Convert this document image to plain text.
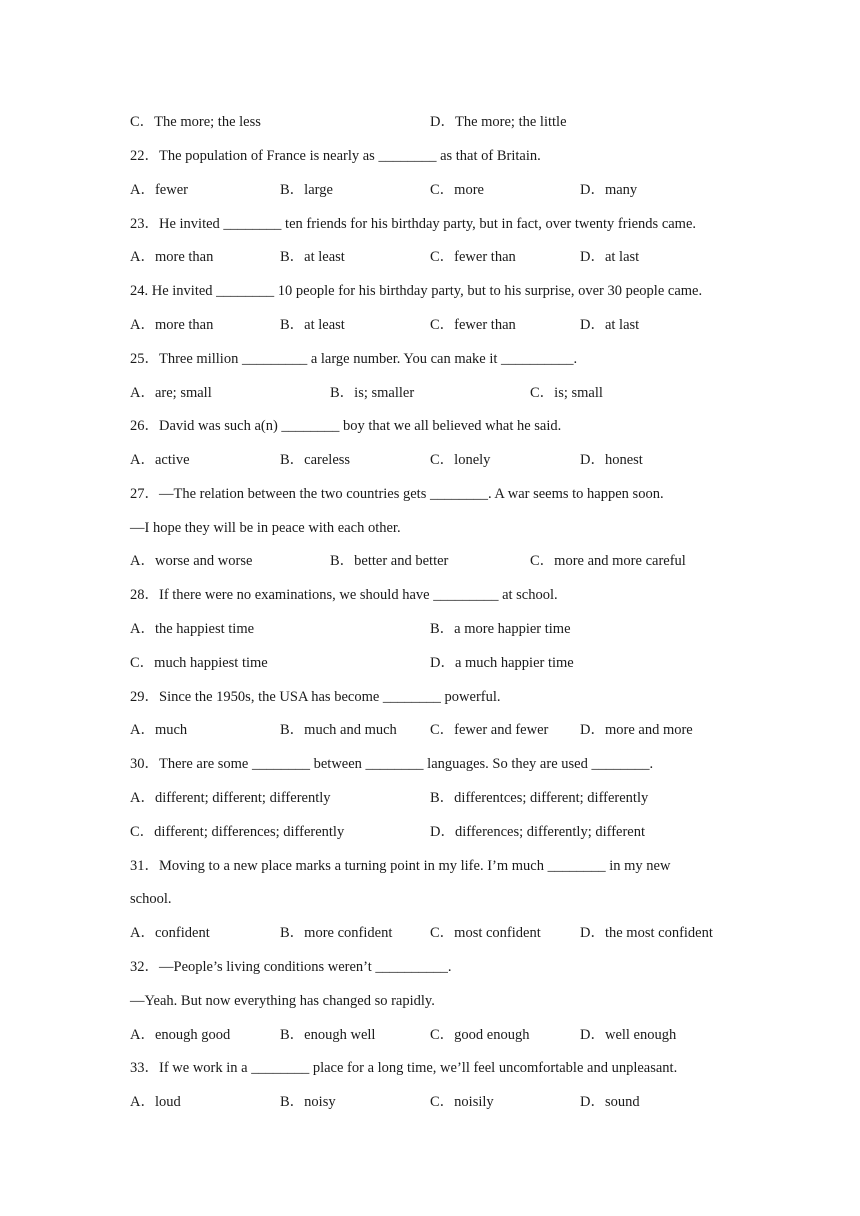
C．The more; the less	D．The more; the little
22．The population of France is nearly as ________ as that of Britain.
A．fewer	B．large	C．more	D．many
23．He invited ________ ten friends for his birthday party, but in fact, over twenty friends came.
A．more than	B．at least	C．fewer than	D．at last
24. He invited ________ 10 people for his birthday party, but to his surprise, over 30 people came.
A．more than	B．at least	C．fewer than	D．at last
25．Three million _________ a large number. You can make it __________.
A．are; small	B．is; smaller	C．is; small
26．David was such a(n) ________ boy that we all believed what he said.
A．active	B．careless	C．lonely	D．honest
27．—The relation between the two countries gets ________. A war seems to happen soon.
—I hope they will be in peace with each other.
A．worse and worse	B．better and better	C．more and more careful
28．If there were no examinations, we should have _________ at school.
A．the happiest time	B．a more happier time
C．much happiest time	D．a much happier time
29．Since the 1950s, the USA has become ________ powerful.
A．much	B．much and much C．fewer and fewer D．more and more
30．There are some ________ between ________ languages. So they are used ________.
A．different; different; differently	B．differentces; different; differently
C．different; differences; differently	D．differences; differently; different
31．Moving to a new place marks a turning point in my life. I’m much ________ in my new
school.
A．confident	B．more confident	C．most confident	D．the most confident
32．—People’s living conditions weren’t __________.
—Yeah. But now everything has changed so rapidly.
A．enough good	B．enough well	C．good enough	D．well enough
33．If we work in a ________ place for a long time, we’ll feel uncomfortable and unpleasant.
A．loud	B．noisy	C．noisily	D．sound
